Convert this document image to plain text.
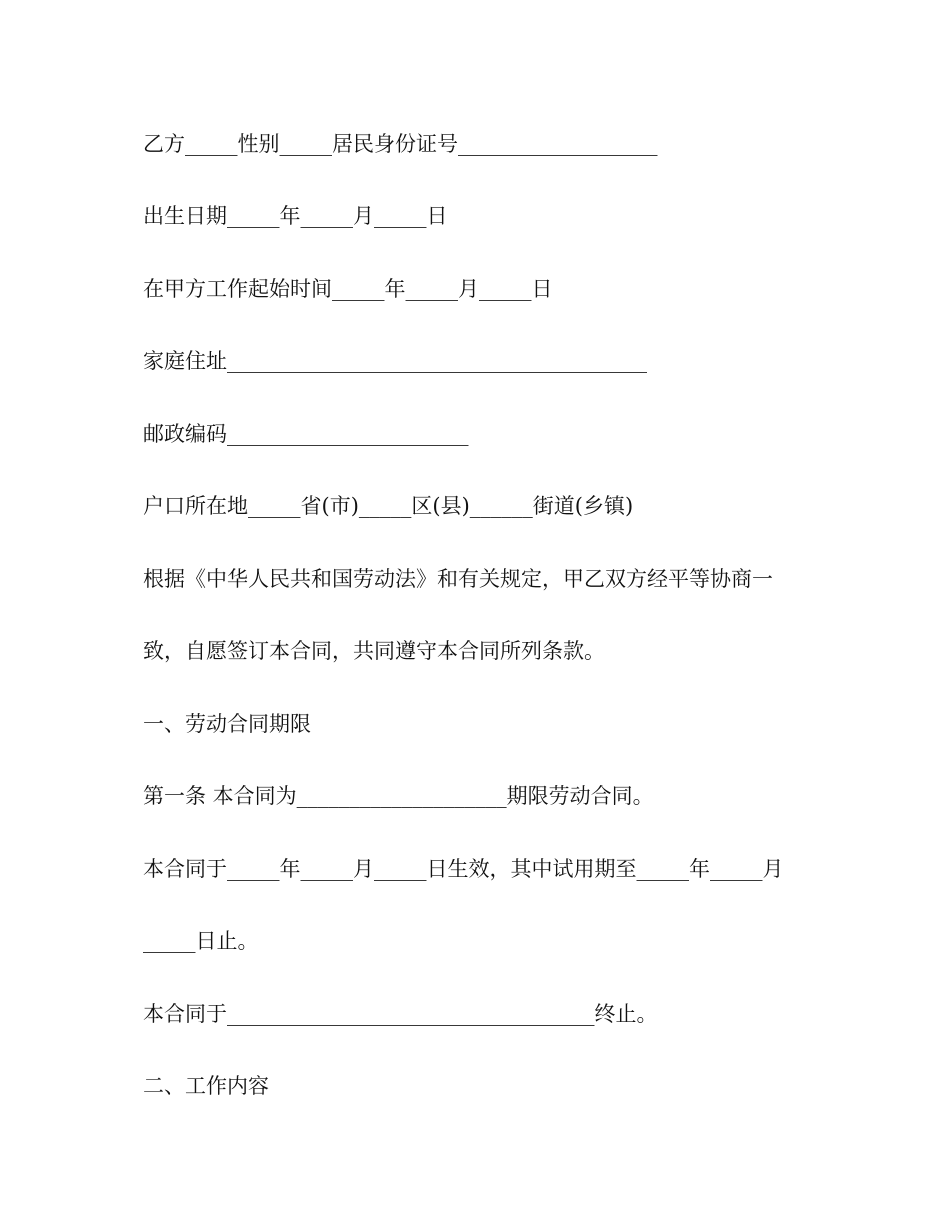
乙方_____性别_____居民身份证号___________________
出生日期_____年_____月_____日
在甲方工作起始时间_____年_____月_____日
家庭住址________________________________________
邮政编码_______________________
户口所在地_____省(市)_____区(县)______街道(乡镇)
根据《中华人民共和国劳动法》和有关规定，甲乙双方经平等协商一
致，自愿签订本合同，共同遵守本合同所列条款。
一、劳动合同期限
第一条 本合同为____________________期限劳动合同。
本合同于_____年_____月_____日生效，其中试用期至_____年_____月
_____日止。
本合同于___________________________________终止。
二、工作内容
